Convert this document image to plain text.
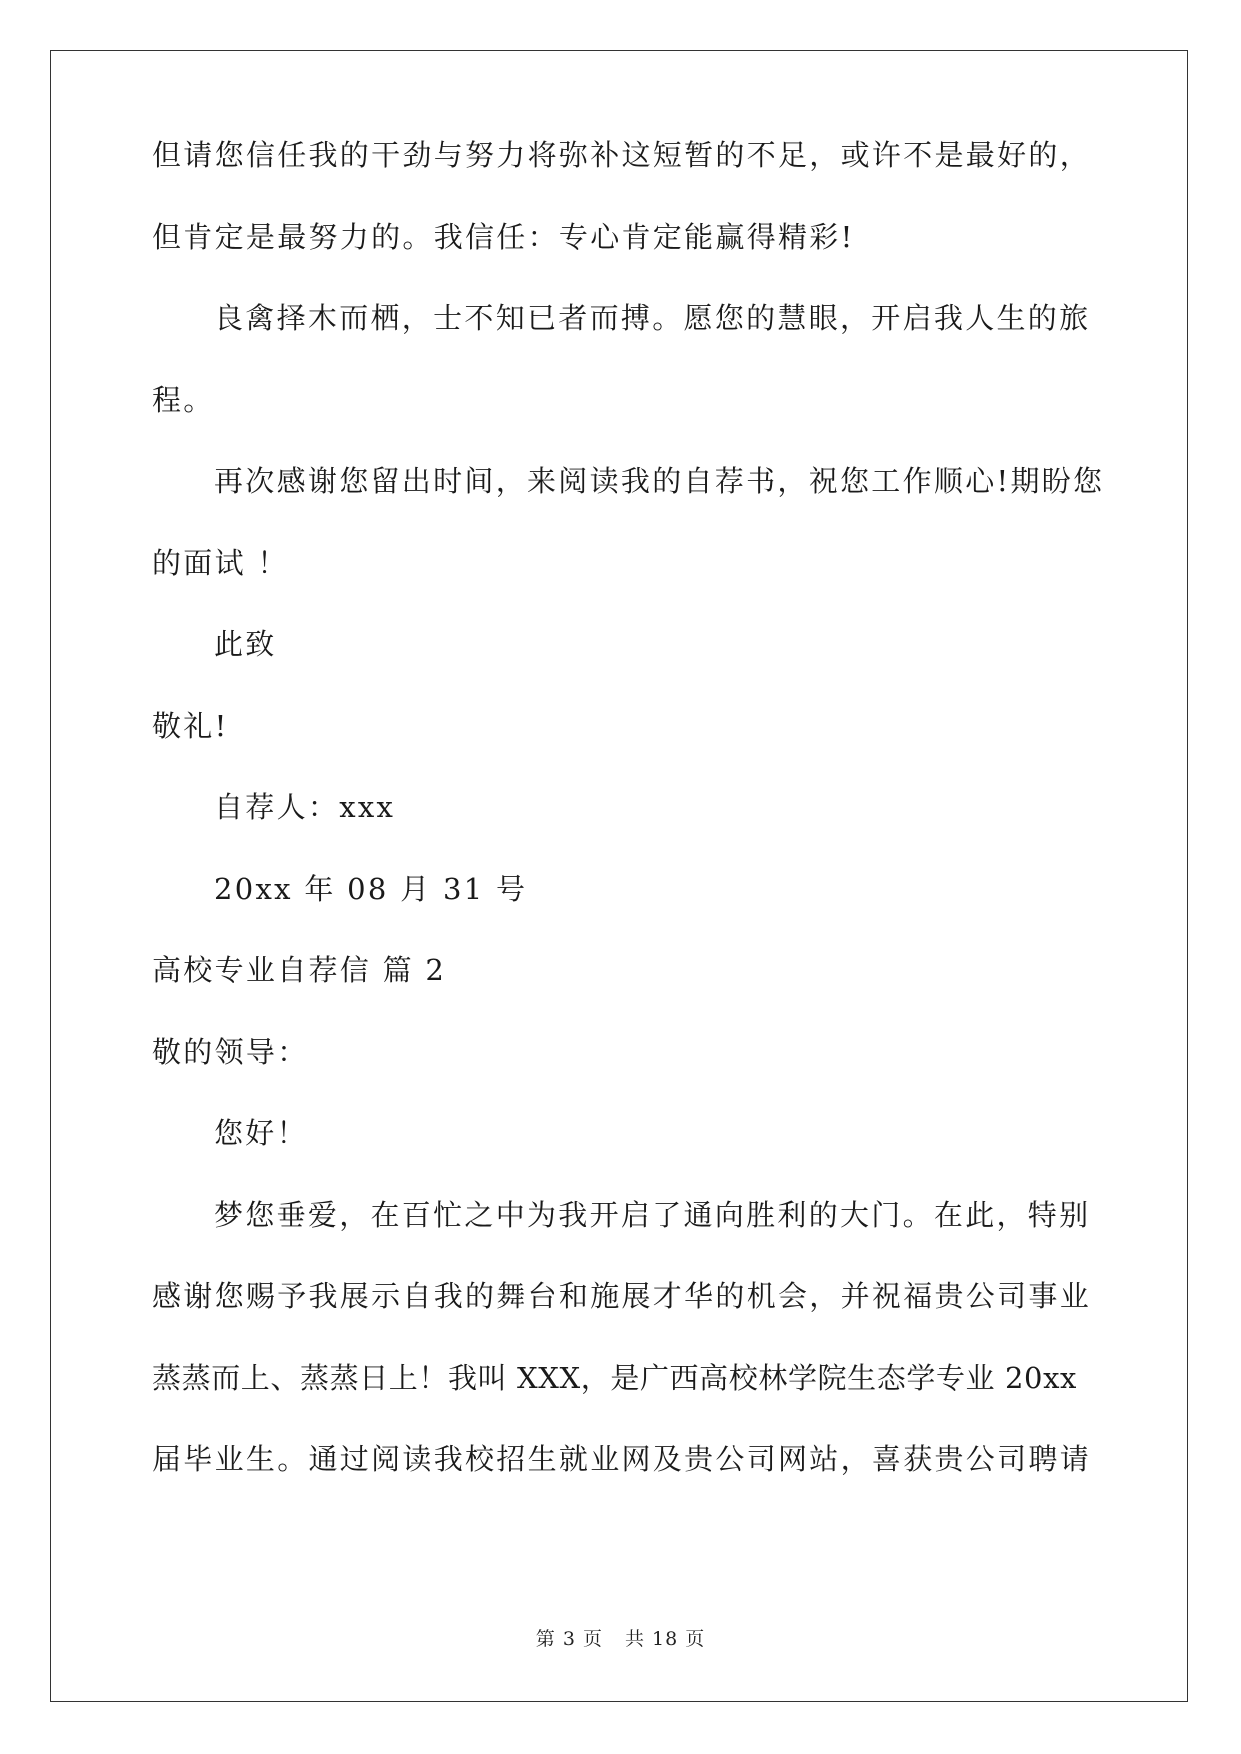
但请您信任我的干劲与努力将弥补这短暂的不足，或许不是最好的，
但肯定是最努力的。我信任：专心肯定能赢得精彩!
良禽择木而栖，士不知已者而搏。愿您的慧眼，开启我人生的旅
程。
再次感谢您留出时间，来阅读我的自荐书，祝您工作顺心!期盼您
的面试 ！
此致
敬礼!
自荐人：xxx
20xx 年 08 月 31 号
高校专业自荐信 篇 2
敬的领导：
您好！
梦您垂爱，在百忙之中为我开启了通向胜利的大门。在此，特别
感谢您赐予我展示自我的舞台和施展才华的机会，并祝福贵公司事业
蒸蒸而上、蒸蒸日上！我叫 XXX，是广西高校林学院生态学专业 20xx
届毕业生。通过阅读我校招生就业网及贵公司网站，喜获贵公司聘请
第 3 页 共 18 页
